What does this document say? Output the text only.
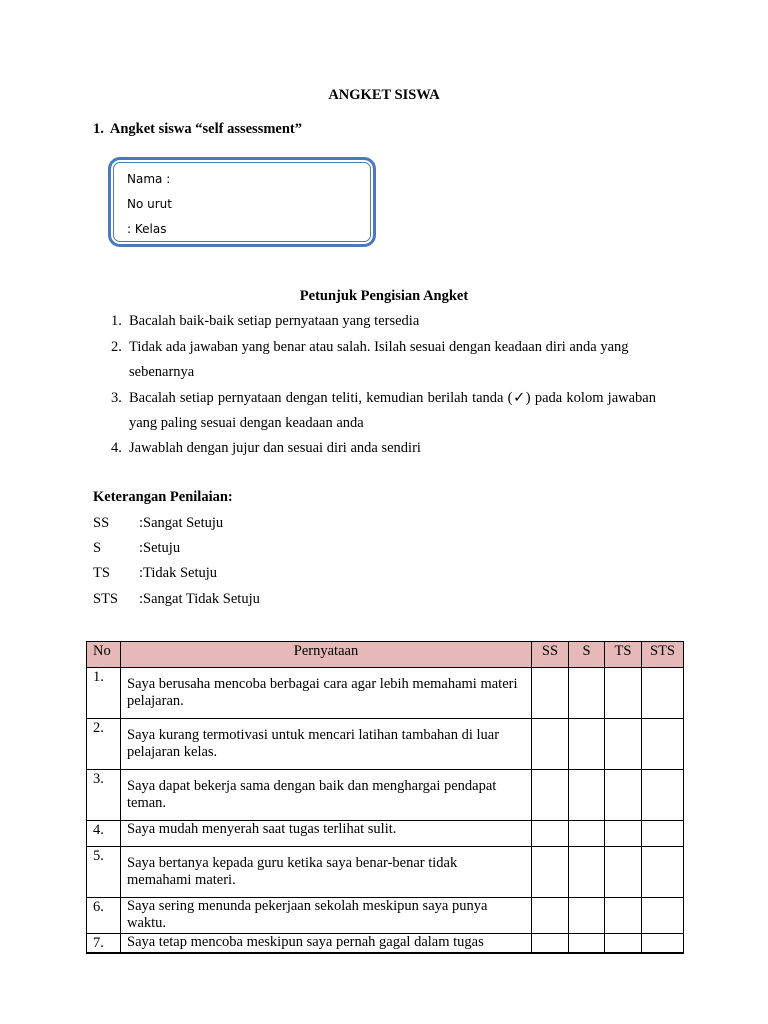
ANGKET SISWA
1. Angket siswa “self assessment”
Nama :
No urut
: Kelas
Petunjuk Pengisian Angket
1. Bacalah baik-baik setiap pernyataan yang tersedia
2. Tidak ada jawaban yang benar atau salah. Isilah sesuai dengan keadaan diri anda yang sebenarnya
3. Bacalah setiap pernyataan dengan teliti, kemudian berilah tanda (✓) pada kolom jawaban yang paling sesuai dengan keadaan anda
4. Jawablah dengan jujur dan sesuai diri anda sendiri
Keterangan Penilaian:
SS :Sangat Setuju
S	:Setuju
TS :Tidak Setuju
STS :Sangat Tidak Setuju
No	Pernyataan	SS	S	TS	STS
1.	Saya berusaha mencoba berbagai cara agar lebih memahami materi pelajaran.				

2.	Saya kurang termotivasi untuk mencari latihan tambahan di luar pelajaran kelas.				

3.	Saya dapat bekerja sama dengan baik dan menghargai pendapat teman.				

4.	Saya mudah menyerah saat tugas terlihat sulit.				

5.	Saya bertanya kepada guru ketika saya benar-benar tidak memahami materi.				

6.	Saya sering menunda pekerjaan sekolah meskipun saya punya waktu.				

7.	Saya tetap mencoba meskipun saya pernah gagal dalam tugas				
